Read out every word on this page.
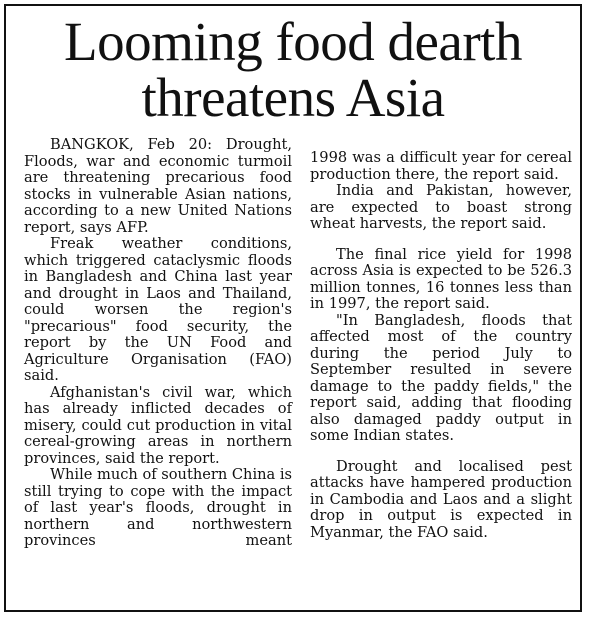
Looming food dearth
threatens Asia

BANGKOK, Feb 20: Drought, Floods, war and economic turmoil are threatening precarious food stocks in vulnerable Asian nations, according to a new United Nations report, says AFP.

Freak weather conditions, which triggered cataclysmic floods in Bangladesh and China last year and drought in Laos and Thailand, could worsen the region's "precarious" food security, the report by the UN Food and Agriculture Organisation (FAO) said.

Afghanistan's civil war, which has already inflicted decades of misery, could cut production in vital cereal-growing areas in northern provinces, said the report.

While much of southern China is still trying to cope with the impact of last year's floods, drought in northern and northwestern provinces meant

1998 was a difficult year for cereal production there, the report said.

India and Pakistan, however, are expected to boast strong wheat harvests, the report said.

The final rice yield for 1998 across Asia is expected to be 526.3 million tonnes, 16 tonnes less than in 1997, the report said.

"In Bangladesh, floods that affected most of the country during the period July to September resulted in severe damage to the paddy fields," the report said, adding that flooding also damaged paddy output in some Indian states.

Drought and localised pest attacks have hampered production in Cambodia and Laos and a slight drop in output is expected in Myanmar, the FAO said.
